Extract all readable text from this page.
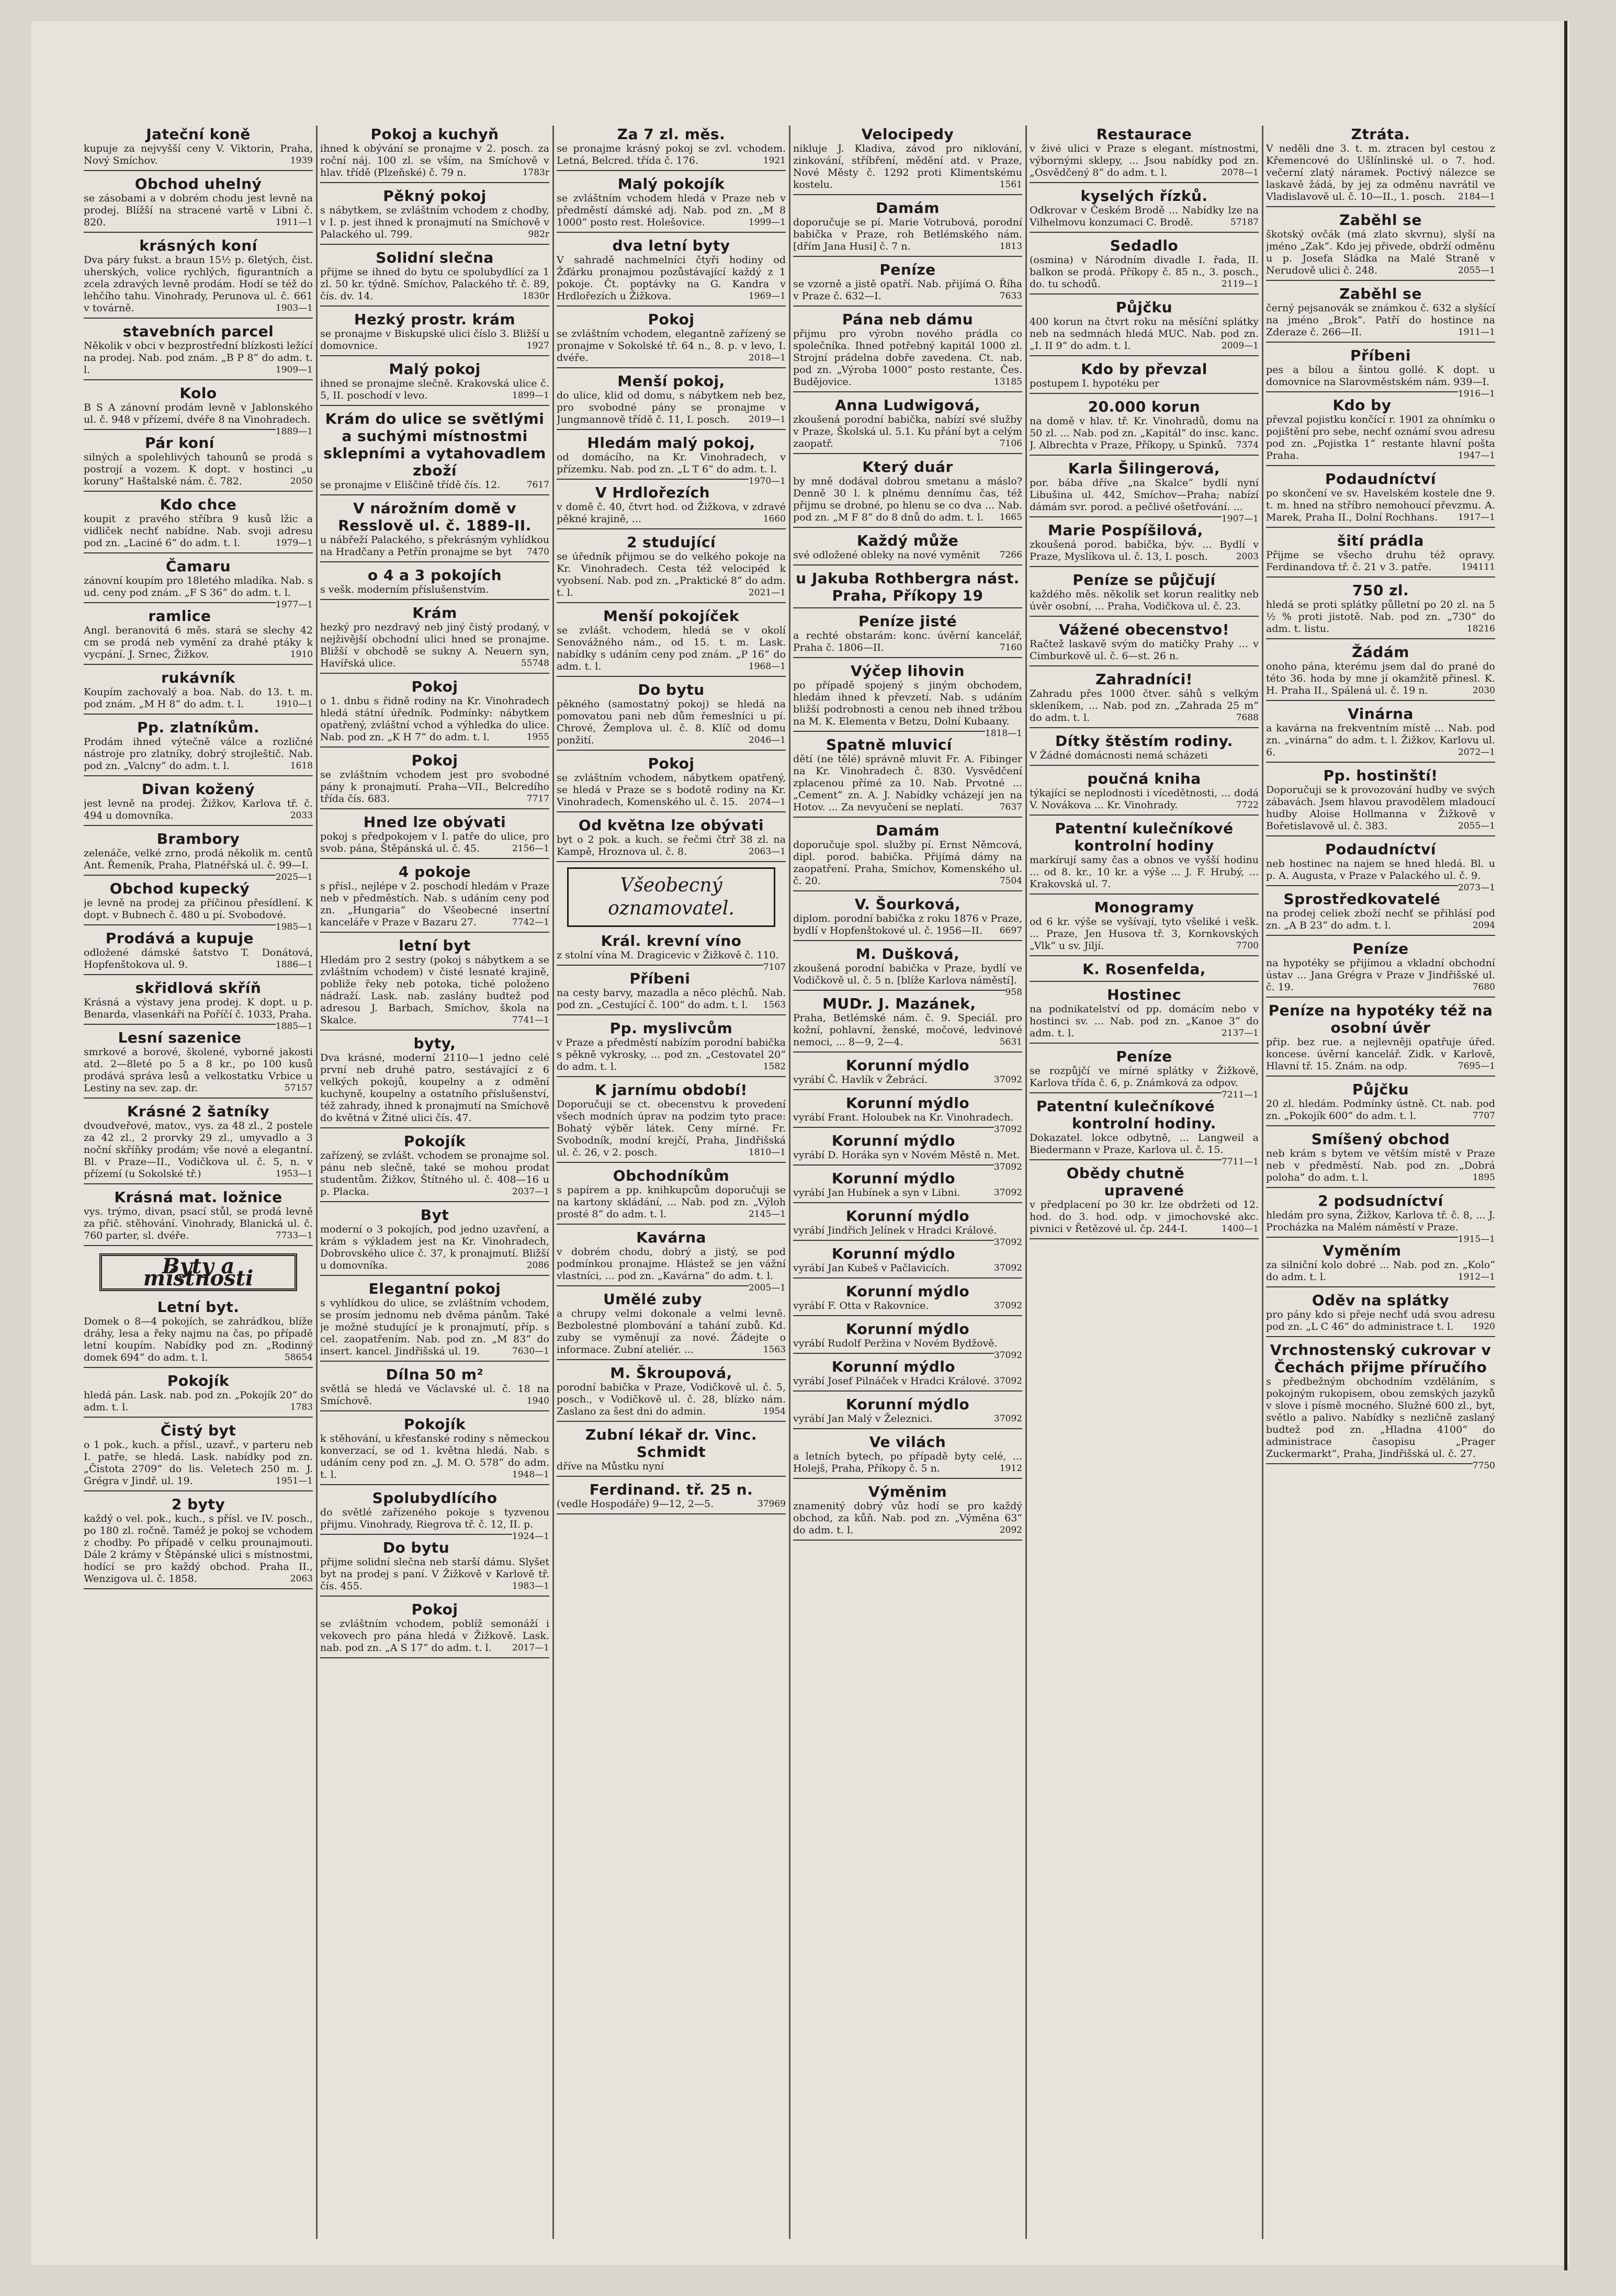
Jateční koně

kupuje za nejvyšší ceny V. Viktorin, Praha, Nový Smíchov.	1939

Obchod uhelný

se zásobami a v dobrém chodu jest levně na prodej. Blížší na stracené vartě v Libni č. 820.	1911—1

krásných koní

Dva páry fukst. a braun 15½ p. 6letých, čist. uherských, volice rychlých, figurantních a zcela zdravých levně prodám. Hodí se též do lehčího tahu. Vinohrady, Perunova ul. č. 661 v továrně.	1903—1

stavebních parcel

Několik v obci v bezprostřední blízkosti ležící na prodej. Nab. pod znám. „B P 8“ do adm. t. l.	1909—1

Kolo

B S A zánovní prodám levně v Jablonského ul. č. 948 v přízemí, dvéře 8 na Vinohradech.
1889—1

Pár koní

silných a spolehlivých tahounů se prodá s postrojí a vozem. K dopt. v hostinci „u koruny“ Haštalské nám. č. 782.	2050

Kdo chce

koupit z pravého stříbra 9 kusů lžic a vidliček nechť nabídne. Nab. svoji adresu pod zn. „Laciné 6“ do adm. t. l.	1979—1

Čamaru

zánovní koupím pro 18letého mladíka. Nab. s ud. ceny pod znám. „F S 36“ do adm. t. l.
1977—1

ramlice

Angl. beranovitá 6 měs. stará se slechy 42 cm se prodá neb vymění za drahé ptáky k vycpání. J. Srnec, Žižkov.	1910

rukávník

Koupím zachovalý a boa. Nab. do 13. t. m. pod znám. „M H 8“ do adm. t. l.	1910—1

Pp. zlatníkům.

Prodám ihned výtečně válce a rozličné nástroje pro zlatníky, dobrý strojleštič. Nab. pod zn. „Valcny“ do adm. t. l.	1618

Divan kožený

jest levně na prodej. Žižkov, Karlova tř. č. 494 u domovníka.	2033

Brambory

zelenáče, velké zrno, prodá několik m. centů Ant. Řemeník, Praha, Platnéřská ul. č. 99—I.
2025—1

Obchod kupecký

je levně na prodej za příčinou přesídlení. K dopt. v Bubnech č. 480 u pí. Svobodové.
1985—1

Prodává a kupuje

odložené dámské šatstvo T. Donátová, Hopfenštokova ul. 9.	1886—1

skřidlová skříň

Krásná a výstavy jena prodej. K dopt. u p. Benarda, vlasenkáři na Poříčí č. 1033, Praha.
1885—1

Lesní sazenice

smrkové a borové, školené, vyborné jakosti atd. 2—8leté po 5 a 8 kr., po 100 kusů prodává správa lesů a velkostatku Vrbice u Lestiny na sev. zap. dr.	57157

Krásné 2 šatníky

dvoudveřové, matov., vys. za 48 zl., 2 postele za 42 zl., 2 prorvky 29 zl., umyvadlo a 3 noční skříňky prodám; vše nové a elegantní. Bl. v Praze—II., Vodičkova ul. č. 5, n. v přízemí (u Sokolské tř.)	1953—1

Krásná mat. ložnice

vys. trýmo, divan, psací stůl, se prodá levně za přič. stěhování. Vinohrady, Blanická ul. č. 760 parter, sl. dvéře.	7733—1

Byty a místnosti
Letní byt.

Domek o 8—4 pokojích, se zahrádkou, blíže dráhy, lesa a řeky najmu na čas, po případě letní koupím. Nabídky pod zn. „Rodinný domek 694“ do adm. t. l.	58654

Pokojík

hledá pán. Lask. nab. pod zn. „Pokojík 20“ do adm. t. l.	1783

Čistý byt

o 1 pok., kuch. a přísl., uzavř., v parteru neb I. patře, se hledá. Lask. nabídky pod zn. „Čistota 2709“ do lis. Veletech 250 m. J. Grégra v Jindř. ul. 19.	1951—1

2 byty

každý o vel. pok., kuch., s přísl. ve IV. posch., po 180 zl. ročně. Taméž je pokoj se vchodem z chodby. Po případě v celku prounajmouti. Dále 2 krámy v Štěpánské ulici s místnostmi, hodící se pro každý obchod. Praha II., Wenzigova ul. č. 1858.	2063

Pokoj a kuchyň

ihned k obývání se pronajme v 2. posch. za roční náj. 100 zl. se vším, na Smíchově v hlav. třídě (Plzeňské) č. 79 n.	1783r

Pěkný pokoj

s nábytkem, se zvláštním vchodem z chodby, v I. p. jest ihned k pronajmutí na Smíchově v Palackého ul. 799.	982r

Solidní slečna

přijme se ihned do bytu ce spolubydlící za 1 zl. 50 kr. týdně. Smíchov, Palackého tř. č. 89, čís. dv. 14.	1830r

Hezký prostr. krám

se pronajme v Biskupské ulici číslo 3. Bližší u domovnice.	1927

Malý pokoj

ihned se pronajme slečně. Krakovská ulice č. 5, II. poschodí v levo.	1899—1

Krám do ulice se světlými a suchými místnostmi sklepními a vytahovadlem zboží

se pronajme v Eliščině třídě čís. 12.	7617

V nárožním domě v Resslově ul. č. 1889-II.

u nábřeží Palackého, s překrásným vyhlídkou na Hradčany a Petřín pronajme se byt 7470

o 4 a 3 pokojích

s vešk. moderním příslušenstvím.

Krám

hezký pro nezdravý neb jiný čistý prodaný, v nejživější obchodní ulici hned se pronajme. Bližší v obchodě se sukny A. Neuern syn, Havířská ulice.	55748

Pokoj

o 1. dnbu s řidně rodiny na Kr. Vinohradech hledá státní úředník. Podmínky: nábytkem opatřený, zvláštní vchod a výhledka do ulice. Nab. pod zn. „K H 7“ do adm. t. l.	1955

Pokoj

se zvláštním vchodem jest pro svobodné pány k pronajmutí. Praha—VII., Belcredího třída čís. 683.	7717

Hned lze obývati

pokoj s předpokojem v I. patře do ulice, pro svob. pána, Štěpánská ul. č. 45.	2156—1

4 pokoje

s přísl., nejlépe v 2. poschodí hledám v Praze neb v předměstích. Nab. s udáním ceny pod zn. „Hungaria“ do Všeobecné insertní kanceláře v Praze v Bazaru 27.	7742—1

letní byt

Hledám pro 2 sestry (pokoj s nábytkem a se zvláštním vchodem) v čisté lesnaté krajině, pobliže řeky neb potoka, tiché položeno nádraží. Lask. nab. zaslány budtež pod adresou J. Barbach, Smíchov, škola na Skalce.	7741—1

byty,

Dva krásné, moderní 2110—1 jedno celé první neb druhé patro, sestávající z 6 velkých pokojů, koupelny a z odmění kuchyně, koupelny a ostatního příslušenství, též zahrady, ihned k pronajmutí na Smíchově do květná v Žitné ulici čís. 47.

Pokojík

zařízený, se zvlášt. vchodem se pronajme sol. pánu neb slečně, také se mohou prodat studentům. Žižkov, Štítného ul. č. 408—16 u p. Placka.	2037—1

Byt

moderní o 3 pokojích, pod jedno uzavření, a krám s výkladem jest na Kr. Vinohradech, Dobrovského ulice č. 37, k pronajmutí. Bližší u domovníka.	2086

Elegantní pokoj

s vyhlídkou do ulice, se zvláštním vchodem, se prosím jednomu neb dvěma pánům. Také je možné studující je k pronajmutí, příp. s cel. zaopatřením. Nab. pod zn. „M 83“ do insert. kancel. Jindřišská ul. 19.	7630—1

Dílna 50 m²

světlá se hledá ve Václavské ul. č. 18 na Smíchově.	1940

Pokojík

k stěhování, u křesťanské rodiny s německou konverzací, se od 1. května hledá. Nab. s udáním ceny pod zn. „J. M. O. 578“ do adm. t. l.	1948—1

Spolubydlícího

do světlé zařízeného pokoje s tyzvenou přijmu. Vinohrady, Riegrova tř. č. 12, II. p.
1924—1

Do bytu

přijme solidní slečna neb starší dámu. Slyšet byt na prodej s paní. V Žižkově v Karlově tř. čís. 455.	1983—1

Pokoj

se zvláštním vchodem, poblíž semonáží i vekovech pro pána hledá v Žižkově. Lask. nab. pod zn. „A S 17“ do adm. t. l. 2017—1

Za 7 zl. měs.

se pronajme krásný pokoj se zvl. vchodem. Letná, Belcred. třída č. 176.	1921

Malý pokojík

se zvláštním vchodem hledá v Praze neb v předměstí dámské adj. Nab. pod zn. „M 8 1000“ posto rest. Holešovice.	1999—1

dva letní byty

V sahradě nachmelníci čtyři hodiny od Žďárku pronajmou pozůstávající každý z 1 pokoje. Čt. poptávky na G. Kandra v Hrdlořezích u Žižkova.	1969—1

Pokoj

se zvláštním vchodem, elegantně zařízený se pronajme v Sokolské tř. 64 n., 8. p. v levo, I. dvéře.	2018—1

Menší pokoj,

do ulice, klid od domu, s nábytkem neb bez, pro svobodné pány se pronajme v Jungmannově třídě č. 11, I. posch. 2019—1

Hledám malý pokoj,

od domácího, na Kr. Vinohradech, v přízemku. Nab. pod zn. „L T 6“ do adm. t. l.
1970—1

V Hrdlořezích

v domě č. 40, čtvrt hod. od Žižkova, v zdravé pěkné krajině, ...	1660

2 studující

se úředník přijmou se do velkého pokoje na Kr. Vinohradech. Cesta též velocipéd k vyobsení. Nab. pod zn. „Praktické 8“ do adm. t. l.	2021—1

Menší pokojíček

se zvlášt. vchodem, hledá se v okolí Senovážného nám., od 15. t. m. Lask. nabídky s udáním ceny pod znám. „P 16“ do adm. t. l.	1968—1

Do bytu

pěkného (samostatný pokoj) se hledá na pomovatou pani neb dům řemeslníci u pí. Chrové, Žemplova ul. č. 8. Klíč od domu ponžití.	2046—1

Pokoj

se zvláštním vchodem, nábytkem opatřený, se hledá v Praze se s bodotě rodiny na Kr. Vinohradech, Komenského ul. č. 15. 2074—1

Od května lze obývati

byt o 2 pok. a kuch. se řečmi čtrř 38 zl. na Kampě, Hroznova ul. č. 8.	2063—1

Všeobecný oznamovatel.
Král. krevní víno

z stolní vína M. Dragicevic v Žižkově č. 110.
7107

Příbeni

na cesty barvy, mazadla a něco pléchů. Nab. pod zn. „Cestující č. 100“ do adm. t. l. 1563

Pp. myslivcům

v Praze a předměstí nabízím porodní babička s pěkně vykrosky, ... pod zn. „Cestovatel 20“ do adm. t. l.	1582

K jarnímu období!

Doporučuji se ct. obecenstvu k provedení všech modních úprav na podzim tyto prace: Bohatý výběr látek. Ceny mírné. Fr. Svobodník, modní krejčí, Praha, Jindřišská ul. č. 26, v 2. posch.	1810—1

Obchodníkům

s papírem a pp. knihkupcům doporučuji se na kartony skládání, ... Nab. pod zn. „Výloh prosté 8“ do adm. t. l.	2145—1

Kavárna

v dobrém chodu, dobrý a jistý, se pod podmínkou pronajme. Hlástež se jen vážní vlastníci, ... pod zn. „Kavárna“ do adm. t. l.
2005—1

Umělé zuby

a chrupy velmi dokonale a velmi levně. Bezbolestné plombování a tahání zubů. Kd. zuby se vyměnují za nové. Žádejte o informace. Zubní ateliér. ...	1563

M. Škroupová,

porodní babička v Praze, Vodičkově ul. č. 5, posch., v Vodičkově ul. č. 28, blízko nám. Zaslano za šest dni do admin.	1954

Zubní lékař dr. Vinc. Schmidt

dříve na Můstku nyní

Ferdinand. tř. 25 n.

(vedle Hospodáře) 9—12, 2—5.	37969

Velocipedy

nikluje J. Kladiva, závod pro niklování, zinkování, stříbření, mědění atd. v Praze, Nové Městy č. 1292 proti Klimentskému kostelu.	1561

Damám

doporučuje se pí. Marie Votrubová, porodní babička v Praze, roh Betlémského nám. [dřím Jana Husi] č. 7 n.	1813

Peníze

se vzorně a jistě opatří. Nab. přijímá O. Říha v Praze č. 632—I.	7633

Pána neb dámu

přijmu pro výrobn nového prádla co společníka. Ihned potřebný kapitál 1000 zl. Strojní prádelna dobře zavedena. Ct. nab. pod zn. „Výroba 1000“ posto restante, Čes. Budějovice.	13185

Anna Ludwigová,

zkoušená porodní babička, nabízí své služby v Praze, Školská ul. 5.1. Ku přání byt a celým zaopatř.	7106

Který duár

by mně dodával dobrou smetanu a máslo? Denně 30 l. k plnému dennímu čas, též přijmu se drobné, po hlenu se co dva ... Nab. pod zn. „M F 8“ do 8 dnů do adm. t. l. 1665

Každý může

své odložené oblekу na nové vyměnit 7266

u Jakuba Rothbergra nást. Praha, Příkopy 19

Peníze jisté

a rechté obstarám: konc. úvěrní kancelář, Praha č. 1806—II.	7160

Výčep lihovin

po případě spojený s jiným obchodem, hledám ihned k převzetí. Nab. s udáním bližší podrobnosti a cenou neb ihned tržbou na M. K. Elementa v Betzu, Dolní Kubaany.
1818—1

Spatně mluvicí

dětí (ne tělé) správně mluvit Fr. A. Fibinger na Kr. Vinohradech č. 830. Vysvědčení zplacenou přímé za 10. Nab. Prvotné ... „Cement“ zn. A. J. Nabídky vcházejí jen na Hotov. ... Za nevyučení se neplatí.	7637

Damám

doporučuje spol. služby pí. Ernst Němcová, dipl. porod. babička. Přijímá dámy na zaopatření. Praha, Smíchov, Komenského ul. č. 20.	7504

V. Šourková,

diplom. porodní babička z roku 1876 v Praze, bydlí v Hopfenštokové ul. č. 1956—II. 6697

M. Dušková,

zkoušená porodní babička v Praze, bydlí ve Vodičkově ul. č. 5 n. [blíže Karlova náměstí].
958

MUDr. J. Mazánek,

Praha, Betlémské nám. č. 9. Speciál. pro kožní, pohlavní, ženské, močové, ledvinové nemoci, ... 8—9, 2—4.	5631

Korunní mýdlo

vyrábí Č. Havlík v Žebrácí.	37092

Korunní mýdlo

vyrábí Frant. Holoubek na Kr. Vinohradech.
37092

Korunní mýdlo

vyrábí D. Horáka syn v Novém Městě n. Met.
37092

Korunní mýdlo

vyrábí Jan Hubínek a syn v Libni.	37092

Korunní mýdlo

vyrábí Jindřich Jelínek v Hradci Králové.
37092

Korunní mýdlo

vyrábí Jan Kubeš v Pačlavicích.	37092

Korunní mýdlo

vyrábí F. Otta v Rakovníce.	37092

Korunní mýdlo

vyrábí Rudolf Peržina v Novém Bydžově.
37092

Korunní mýdlo

vyrábí Josef Pilnáček v Hradci Králové. 37092

Korunní mýdlo

vyrábí Jan Malý v Železnici.	37092

Ve vilách

a letních bytech, po případě byty celé, ... Holejš, Praha, Příkopy č. 5 n.	1912

Výměnim

znamenitý dobrý vůz hodí se pro každý obchod, za kůň. Nab. pod zn. „Výměna 63“ do adm. t. l.	2092

Restaurace

v živé ulici v Praze s elegant. místnostmi, výbornými sklepy, ... Jsou nabídky pod zn. „Osvědčený 8“ do adm. t. l.	2078—1

kyselých řízků.

Odkrovar v Českém Brodě ... Nabídky lze na Vilhelmovu konzumaci C. Brodě.	57187

Sedadlo

(osmina) v Národním divadle I. řada, II. balkon se prodá. Příkopy č. 85 n., 3. posch., do. tu schodů.	2119—1

Půjčku

400 korun na čtvrt roku na měsíční splátky neb na sedmnách hledá MUC. Nab. pod zn. „I. II 9“ do adm. t. l.	2009—1

Kdo by převzal

postupem I. hypotéku per

20.000 korun

na domě v hlav. tř. Kr. Vinohradů, domu na 50 zl. ... Nab. pod zn. „Kapitál“ do insc. kanc. J. Albrechta v Praze, Příkopy, u Spinků. 7374

Karla Šilingerová,

por. bába dříve „na Skalce“ bydlí nyní Libušina ul. 442, Smíchov—Praha; nabízí dámám svr. porod. a pečlivé ošetřování. ...
1907—1

Marie Pospíšilová,

zkoušená porod. babička, býv. ... Bydlí v Praze, Myslíkova ul. č. 13, I. posch.	2003

Peníze se půjčují

každého měs. několik set korun realitky neb úvěr osobní, ... Praha, Vodičkova ul. č. 23.

Vážené obecenstvo!

Račtež laskavě svým do matičky Prahy ... v Cimburkově ul. č. 6—st. 26 n.

Zahradníci!

Zahradu přes 1000 čtver. sáhů s velkým skleníkem, ... Nab. pod zn. „Zahrada 25 m“ do adm. t. l.	7688

Dítky štěstím rodiny.

V Žádné domácnosti nemá scházeti

poučná kniha

týkající se neplodnosti i vícedětnosti, ... dodá V. Novákova ... Kr. Vinohrady.	7722

Patentní kulečníkové kontrolní hodiny

markírují samy čas a obnos ve vyšší hodinu ... od 8. kr., 10 kr. a výše ... J. F. Hrubý, ... Krakovská ul. 7.

Monogramy

od 6 kr. výše se vyšívají, tyto všeliké i vešk. ... Praze, Jen Husova tř. 3, Kornkovských „Vlk“ u sv. Jiljí.	7700

K. Rosenfelda,

Hostinec

na podnikatelství od pp. domácím nebo v hostinci sv. ... Nab. pod zn. „Kanoe 3“ do adm. t. l.	2137—1

Peníze

se rozpůjčí ve mírné splátky v Žižkově, Karlova třída č. 6, p. Známková za odpov.
7211—1

Patentní kulečníkové kontrolní hodiny.

Dokazatel. lokce odbytně, ... Langweil a Biedermann v Praze, Karlova ul. č. 15.
7711—1

Obědy chutně upravené

v předplacení po 30 kr. lze obdržeti od 12. hod. do 3. hod. odp. v jimochovské akc. pivnici v Řetězové ul. čp. 244-I.	1400—1

Ztráta.

V neděli dne 3. t. m. ztracen byl cestou z Křemencové do Ušlínlinské ul. o 7. hod. večerní zlatý náramek. Poctivý nálezce se laskavě žádá, by jej za odměnu navrátil ve Vladislavově ul. č. 10—II., 1. posch. 2184—1

Zaběhl se

škotský ovčák (má zlato skvrnu), slyší na jméno „Zak“. Kdo jej přivede, obdrží odměnu u p. Josefa Sládka na Malé Straně v Nerudově ulici č. 248.	2055—1

Zaběhl se

černý pejsanovák se známkou č. 632 a slyšící na jméno „Brok“. Patří do hostince na Zderaze č. 266—II.	1911—1

Příbeni

pes a bílou a šintou gollé. K dopt. u domovnice na Slarovměstském nám. 939—I.
1916—1

Kdo by

převzal pojistku končící r. 1901 za ohnímku o pojištění pro sebe, nechť oznámí svou adresu pod zn. „Pojistka 1“ restante hlavní pošta Praha.	1947—1

Podaudníctví

po skončení ve sv. Havelském kostele dne 9. t. m. hned na stříbro nemohoucí převzmu. A. Marek, Praha II., Dolní Rochhans. 1917—1

šití prádla

Přijme se všecho druhu též opravy. Ferdinandova tř. č. 21 v 3. patře.	194111

750 zl.

hledá se proti splátky půlletní po 20 zl. na 5 ½ % proti jistotě. Nab. pod zn. „730“ do adm. t. listu.	18216

Žádám

onoho pána, kterému jsem dal do prané do této 36. hoda by mne jí okamžitě přinesl. K. H. Praha II., Spálená ul. č. 19 n.	2030

Vinárna

a kavárna na frekventním místě ... Nab. pod zn. „vinárna“ do adm. t. l. Žižkov, Karlovu ul. 6.	2072—1

Pp. hostinští!

Doporučuji se k provozování hudby ve svých zábavách. Jsem hlavou pravodělem mladoucí hudby Aloise Hollmanna v Žižkově v Bořetislavově ul. č. 383.	2055—1

Podaudníctví

neb hostinec na najem se hned hledá. Bl. u p. A. Augusta, v Praze v Palackého ul. č. 9.
2073—1

Sprostředkovatelé

na prodej celiek zboží nechť se přihlásí pod zn. „A B 23“ do adm. t. l.	2094

Peníze

na hypotéky se přijímou a vkladní obchodní ústav ... Jana Grégra v Praze v Jindřišské ul. č. 19.	7680

Peníze na hypotéky též na osobní úvěr

přip. bez rue. a nejlevněji opatřuje úřed. koncese. úvěrní kancelář. Zidk. v Karlově, Hlavní tř. 15. Znám. na odp.	7695—1

Půjčku

20 zl. hledám. Podmínky ústně. Ct. nab. pod zn. „Pokojík 600“ do adm. t. l.	7707

Smíšený obchod

neb krám s bytem ve větším místě v Praze neb v předměstí. Nab. pod zn. „Dobrá polohа“ do adm. t. l.	1895

2 podsudníctví

hledám pro syna, Žižkov, Karlova tř. č. 8, ... J. Procházka na Malém náměstí v Praze.
1915—1

Vyměním

za silniční kolo dobré ... Nab. pod zn. „Kolo“ do adm. t. l.	1912—1

Oděv na splátky

pro pány kdo si přeje nechť udá svou adresu pod zn. „L C 46“ do administrace t. l. 1920

Vrchnostenský cukrovar v Čechách přijme příručího

s předbežným obchodním vzděláním, s pokojným rukopisem, obou zemských jazyků v slove i písmě mocného. Služné 600 zl., byt, světlo a palivo. Nabídky s nezličně zaslaný budtež pod zn. „Hladna 4100“ do administrace časopisu „Prager Zuckermarkt“, Praha, Jindřišská ul. č. 27.
7750
